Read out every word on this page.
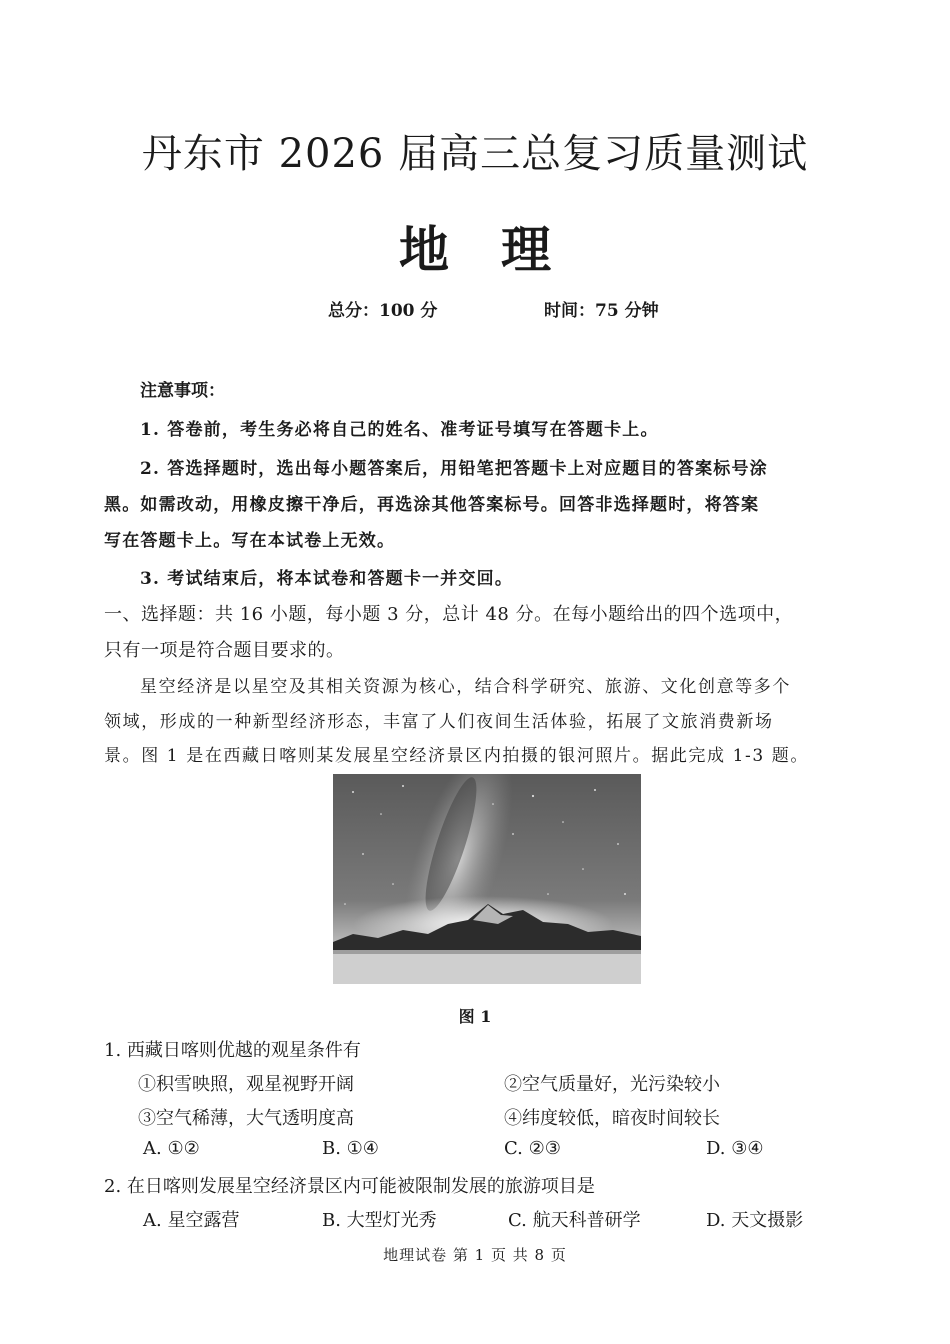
丹东市 2026 届高三总复习质量测试
地理
总分：100 分	时间：75 分钟
注意事项：
1. 答卷前，考生务必将自己的姓名、准考证号填写在答题卡上。
2. 答选择题时，选出每小题答案后，用铅笔把答题卡上对应题目的答案标号涂
黑。如需改动，用橡皮擦干净后，再选涂其他答案标号。回答非选择题时，将答案
写在答题卡上。写在本试卷上无效。
3. 考试结束后，将本试卷和答题卡一并交回。
一、选择题：共 16 小题，每小题 3 分，总计 48 分。在每小题给出的四个选项中，
只有一项是符合题目要求的。
星空经济是以星空及其相关资源为核心，结合科学研究、旅游、文化创意等多个
领域，形成的一种新型经济形态，丰富了人们夜间生活体验，拓展了文旅消费新场
景。图 1 是在西藏日喀则某发展星空经济景区内拍摄的银河照片。据此完成 1-3 题。
图 1
1. 西藏日喀则优越的观星条件有
①积雪映照，观星视野开阔	②空气质量好，光污染较小
③空气稀薄，大气透明度高	④纬度较低，暗夜时间较长
A. ①②	B. ①④	C. ②③	D. ③④
2. 在日喀则发展星空经济景区内可能被限制发展的旅游项目是
A. 星空露营	B. 大型灯光秀	C. 航天科普研学	D. 天文摄影
地理试卷 第 1 页 共 8 页
